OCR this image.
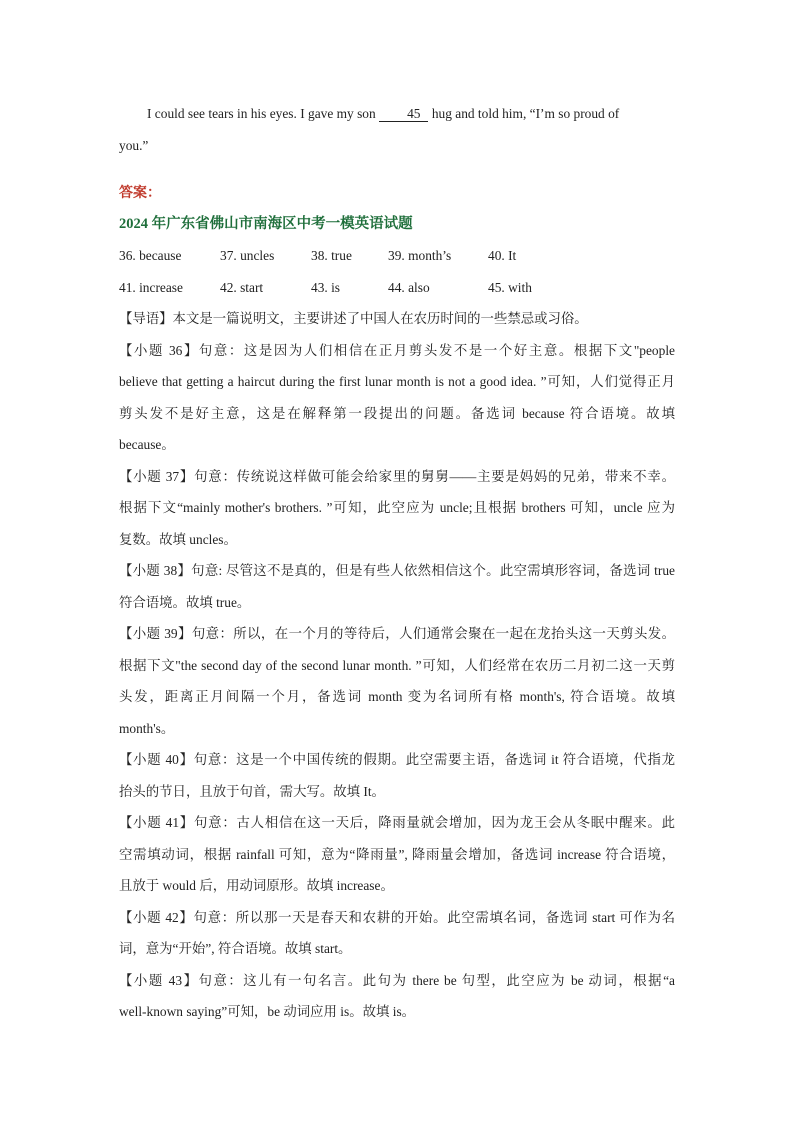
I could see tears in his eyes. I gave my son 45 hug and told him, “I’m so proud of
you.”
答案：
2024 年广东省佛山市南海区中考一模英语试题
36. because	37. uncles	38. true	39. month’s	40. It
41. increase	42. start	43. is	44. also	45. with
【导语】本文是一篇说明文，主要讲述了中国人在农历时间的一些禁忌或习俗。
【小题 36】句意：这是因为人们相信在正月剪头发不是一个好主意。根据下文"people
believe that getting a haircut during the first lunar month is not a good idea. ”可知，人们觉得正月
剪头发不是好主意，这是在解释第一段提出的问题。备选词 because 符合语境。故填
because。
【小题 37】句意：传统说这样做可能会给家里的舅舅——主要是妈妈的兄弟，带来不幸。
根据下文“mainly mother's brothers. ”可知，此空应为 uncle;且根据 brothers 可知，uncle 应为
复数。故填 uncles。
【小题 38】句意: 尽管这不是真的，但是有些人依然相信这个。此空需填形容词，备选词 true
符合语境。故填 true。
【小题 39】句意：所以，在一个月的等待后，人们通常会聚在一起在龙抬头这一天剪头发。
根据下文"the second day of the second lunar month. ”可知，人们经常在农历二月初二这一天剪
头发，距离正月间隔一个月，备选词 month 变为名词所有格 month's, 符合语境。故填
month's。
【小题 40】句意：这是一个中国传统的假期。此空需要主语，备选词 it 符合语境，代指龙
抬头的节日，且放于句首，需大写。故填 It。
【小题 41】句意：古人相信在这一天后，降雨量就会增加，因为龙王会从冬眠中醒来。此
空需填动词，根据 rainfall 可知，意为“降雨量”, 降雨量会增加，备选词 increase 符合语境，
且放于 would 后，用动词原形。故填 increase。
【小题 42】句意：所以那一天是春天和农耕的开始。此空需填名词，备选词 start 可作为名
词，意为“开始”, 符合语境。故填 start。
【小题 43】句意：这儿有一句名言。此句为 there be 句型，此空应为 be 动词，根据“a
well-known saying”可知，be 动词应用 is。故填 is。
